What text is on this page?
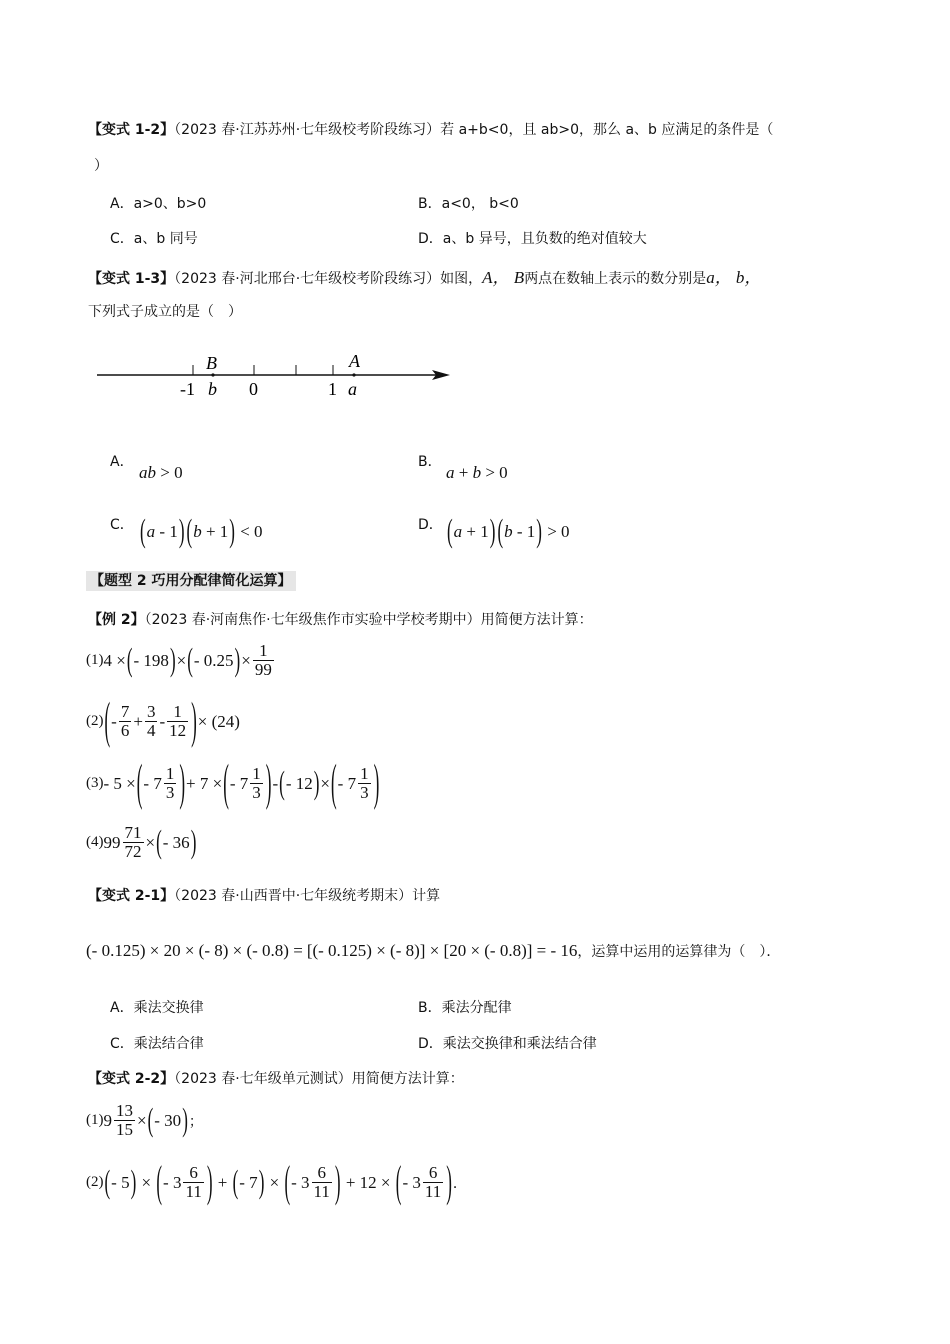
【变式 1-2】（2023 春·江苏苏州·七年级校考阶段练习）若 a+b<0，且 ab>0，那么 a、b 应满足的条件是（
）
A．a>0、b>0	B．a<0， b<0
C．a、b 同号	D．a、b 异号，且负数的绝对值较大
【变式 1-3】（2023 春·河北邢台·七年级校考阶段练习）如图，A， B两点在数轴上表示的数分别是a， b，
下列式子成立的是（　）
B	A
-1 b 0	1 a
A．
ab > 0
B．
a + b > 0
C． (a - 1) (b + 1) < 0	D． (a + 1) (b - 1) > 0
【题型 2 巧用分配律简化运算】
【例 2】（2023 春·河南焦作·七年级焦作市实验中学校考期中）用简便方法计算：
(1) 4 × ( - 198 ) × ( - 0.25 ) × $\frac{1}{99}$
(2) ( - $\frac{7}{6} + \frac{3}{4} - \frac{1}{12}$ ) × (24)
(3) - 5 × ( - $7 \frac{1}{3}$ ) + 7 × ( - $7 \frac{1}{3}$ ) - ( - 12 ) × ( - $7 \frac{1}{3}$ )
(4) $99 \frac{71}{72}$ × ( - 36 )
【变式 2-1】（2023 春·山西晋中·七年级统考期末）计算
(- 0.125) × 20 × (- 8) × (- 0.8) = [(- 0.125) × (- 8)] × [20 × (- 0.8)] = - 16 ， 运算中运用的运算律为（　）．
A．乘法交换律	B．乘法分配律
C．乘法结合律	D．乘法交换律和乘法结合律
【变式 2-2】（2023 春·七年级单元测试）用简便方法计算：
(1) $9 \frac{13}{15}$ × ( - 30 ) ；
(2) ( - 5 ) × ( - $3 \frac{6}{11}$ ) + ( - 7 ) × ( - $3 \frac{6}{11}$ ) + 12 × ( - $3 \frac{6}{11}$ ) ．
